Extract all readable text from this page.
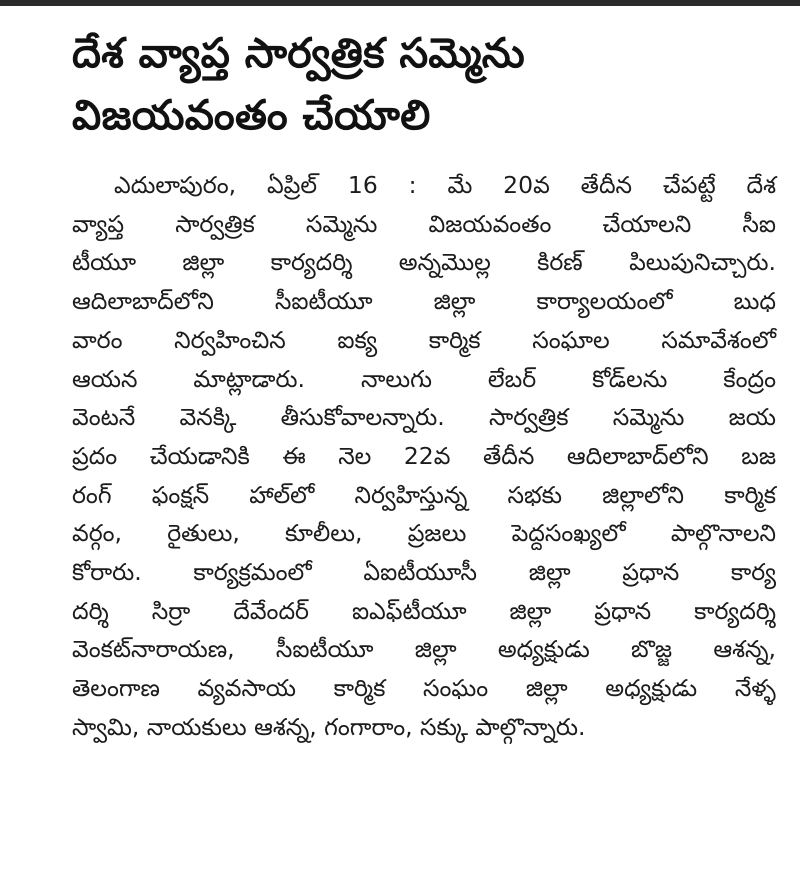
దేశ వ్యాప్త సార్వత్రిక సమ్మెను
విజయవంతం చేయాలి
ఎదులాపురం, ఏప్రిల్ 16 : మే 20వ తేదీన చేపట్టే దేశ
వ్యాప్త సార్వత్రిక సమ్మెను విజయవంతం చేయాలని సీఐ
టీయూ జిల్లా కార్యదర్శి అన్నమొల్ల కిరణ్ పిలుపునిచ్చారు.
ఆదిలాబాద్‌లోని సీఐటీయూ జిల్లా కార్యాలయంలో బుధ
వారం నిర్వహించిన ఐక్య కార్మిక సంఘాల సమావేశంలో
ఆయన మాట్లాడారు. నాలుగు లేబర్ కోడ్‌లను కేంద్రం
వెంటనే వెనక్కి తీసుకోవాలన్నారు. సార్వత్రిక సమ్మెను జయ
ప్రదం చేయడానికి ఈ నెల 22వ తేదీన ఆదిలాబాద్‌లోని బజ
రంగ్ ఫంక్షన్ హాల్‌లో నిర్వహిస్తున్న సభకు జిల్లాలోని కార్మిక
వర్గం, రైతులు, కూలీలు, ప్రజలు పెద్దసంఖ్యలో పాల్గొనాలని
కోరారు. కార్యక్రమంలో ఏఐటీయూసీ జిల్లా ప్రధాన కార్య
దర్శి సిర్రా దేవేందర్ ఐఎఫ్‌టీయూ జిల్లా ప్రధాన కార్యదర్శి
వెంకట్‌నారాయణ, సీఐటీయూ జిల్లా అధ్యక్షుడు బొజ్జ ఆశన్న,
తెలంగాణ వ్యవసాయ కార్మిక సంఘం జిల్లా అధ్యక్షుడు నేళ్ళ
స్వామి, నాయకులు ఆశన్న, గంగారాం, సక్కు పాల్గొన్నారు.
